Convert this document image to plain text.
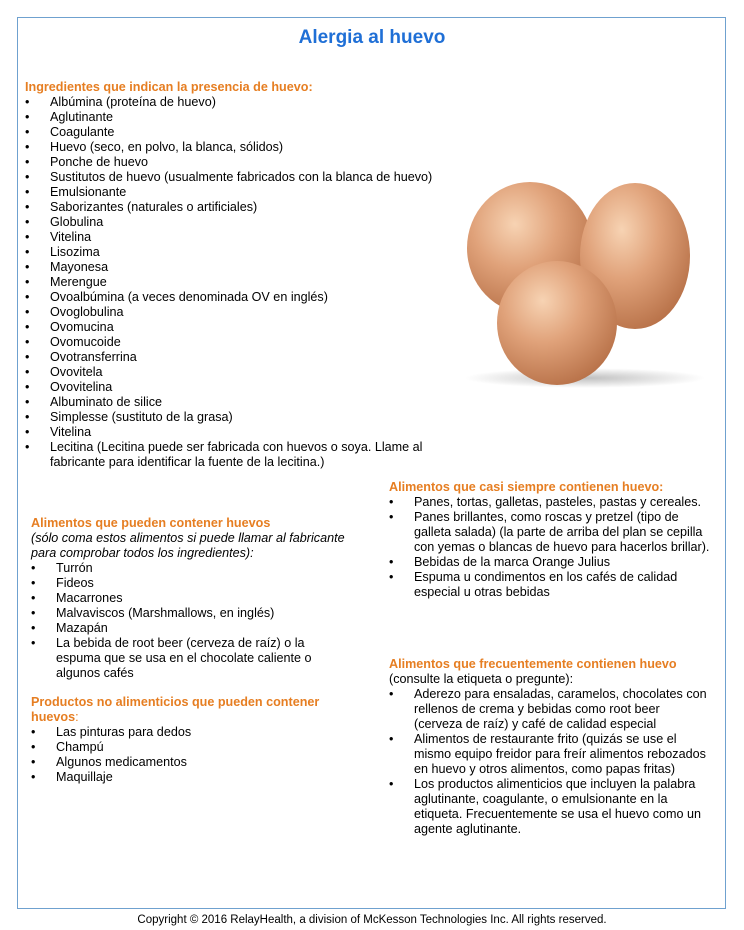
Alergia al huevo
Ingredientes que indican la presencia de huevo:
• Albúmina (proteína de huevo)
• Aglutinante
• Coagulante
• Huevo (seco, en polvo, la blanca, sólidos)
• Ponche de huevo
• Sustitutos de huevo (usualmente fabricados con la blanca de huevo)
• Emulsionante
• Saborizantes (naturales o artificiales)
• Globulina
• Vitelina
• Lisozima
• Mayonesa
• Merengue
• Ovoalbúmina (a veces denominada OV en inglés)
• Ovoglobulina
• Ovomucina
• Ovomucoide
• Ovotransferrina
• Ovovitela
• Ovovitelina
• Albuminato de silice
• Simplesse (sustituto de la grasa)
• Vitelina
• Lecitina (Lecitina puede ser fabricada con huevos o soya. Llame al fabricante para identificar la fuente de la lecitina.)
Alimentos que pueden contener huevos
(sólo coma estos alimentos si puede llamar al fabricante para comprobar todos los ingredientes):
• Turrón
• Fideos
• Macarrones
• Malvaviscos (Marshmallows, en inglés)
• Mazapán
• La bebida de root beer (cerveza de raíz) o la espuma que se usa en el chocolate caliente o algunos cafés
Productos no alimenticios que pueden contener huevos:
• Las pinturas para dedos
• Champú
• Algunos medicamentos
• Maquillaje
Alimentos que casi siempre contienen huevo:
• Panes, tortas, galletas, pasteles, pastas y cereales.
• Panes brillantes, como roscas y pretzel (tipo de galleta salada) (la parte de arriba del plan se cepilla con yemas o blancas de huevo para hacerlos brillar).
• Bebidas de la marca Orange Julius
• Espuma u condimentos en los cafés de calidad especial u otras bebidas
Alimentos que frecuentemente contienen huevo
(consulte la etiqueta o pregunte):
• Aderezo para ensaladas, caramelos, chocolates con rellenos de crema y bebidas como root beer (cerveza de raíz) y café de calidad especial
• Alimentos de restaurante frito (quizás se use el mismo equipo freidor para freír alimentos rebozados en huevo y otros alimentos, como papas fritas)
• Los productos alimenticios que incluyen la palabra aglutinante, coagulante, o emulsionante en la etiqueta. Frecuentemente se usa el huevo como un agente aglutinante.
Copyright © 2016 RelayHealth, a division of McKesson Technologies Inc. All rights reserved.
